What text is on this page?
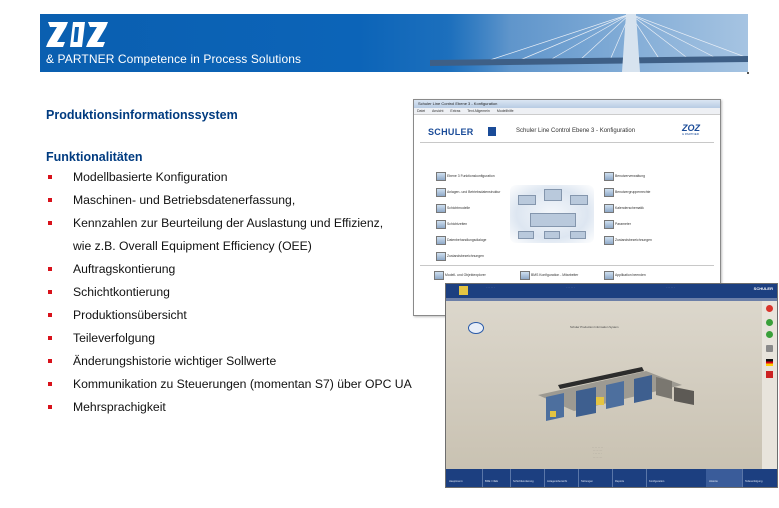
& PARTNER Competence in Process Solutions
Produktionsinformationssystem
Funktionalitäten
Modellbasierte Konfiguration
Maschinen- und Betriebsdatenerfassung,
Kennzahlen zur Beurteilung der Auslastung und Effizienz,
wie z.B. Overall Equipment Efficiency (OEE)
Auftragskontierung
Schichtkontierung
Produktionsübersicht
Teileverfolgung
Änderungshistorie wichtiger Sollwerte
Kommunikation zu Steuerungen (momentan S7) über OPC UA
Mehrsprachigkeit
Schuler Line Control Ebene 3 - Konfiguration
Datei Ansicht Extras Text Allgemein Modellhilfe
SCHULER	Schuler Line Control Ebene 3 - Konfiguration	ZOZ
& PARTNER
Ebene 3 Funktionskonfiguration
Anlagen- und Betriebsdatenstruktur
Schichtmodelle
Schichtzeiten
Datenbehandlungsdialoge
Zustandsbezeichnungen
Benutzerverwaltung
Benutzergruppenrechte
Kalenderschematik
Parameter
Zustandsbezeichnungen
Modell- und Objektexplorer	BMS Konfiguration - Mitarbeiter	Applikation beenden
· · · · · ·	· · · · · ·	· · · · · ·	SCHULER
Schuler Production Information System
· · · · · · · ·
· · · · · · ·
· · · · · ·
· · · · · · ·
Hauptmenü	BDE / OEE	Schichtkontierung	Anlagenübersicht	Störungen	Reports	Konfiguration	Historie	Teileverfolgung
